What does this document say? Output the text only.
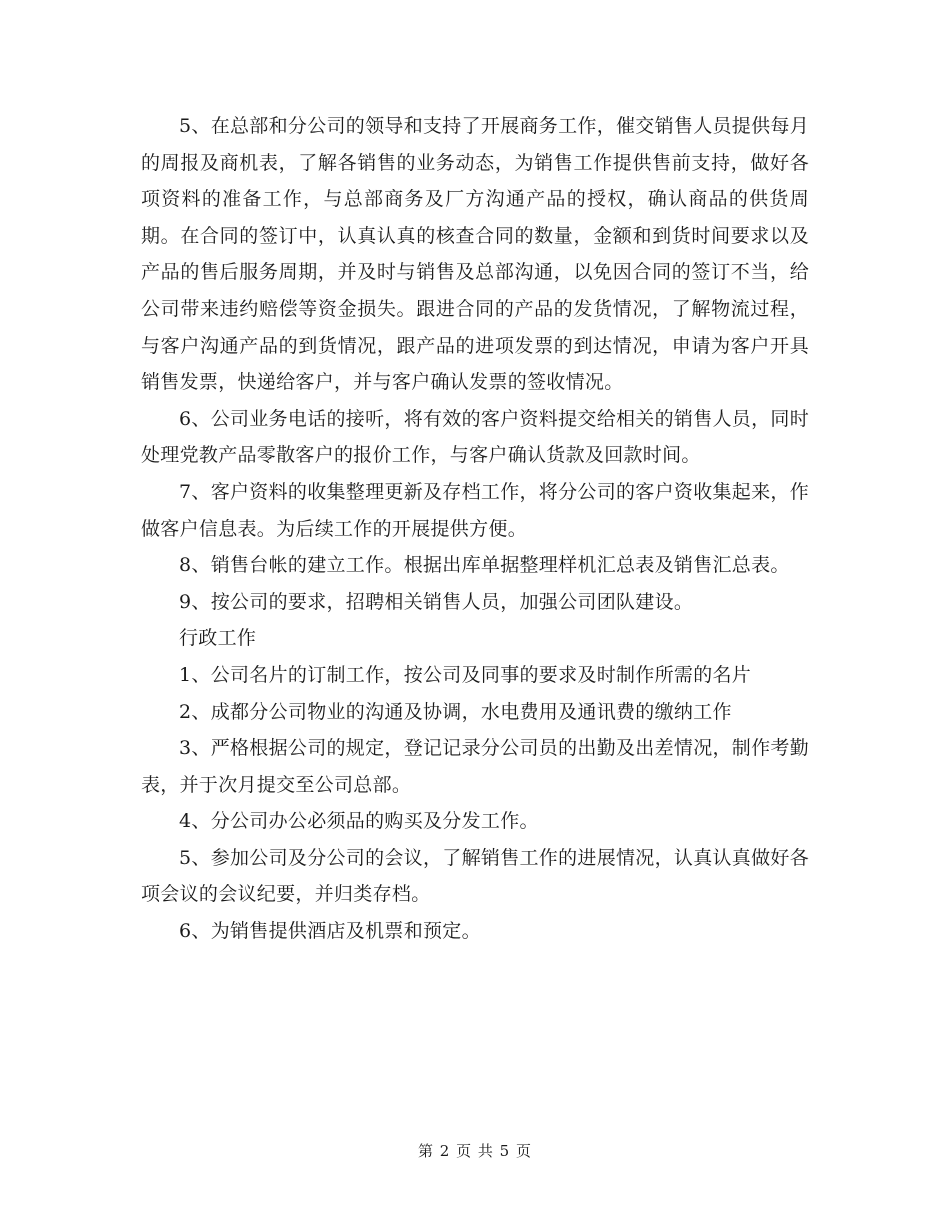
5、在总部和分公司的领导和支持了开展商务工作，催交销售人员提供每月的周报及商机表，了解各销售的业务动态，为销售工作提供售前支持，做好各项资料的准备工作，与总部商务及厂方沟通产品的授权，确认商品的供货周期。在合同的签订中，认真认真的核查合同的数量，金额和到货时间要求以及产品的售后服务周期，并及时与销售及总部沟通，以免因合同的签订不当，给公司带来违约赔偿等资金损失。跟进合同的产品的发货情况，了解物流过程，与客户沟通产品的到货情况，跟产品的进项发票的到达情况，申请为客户开具销售发票，快递给客户，并与客户确认发票的签收情况。

6、公司业务电话的接听，将有效的客户资料提交给相关的销售人员，同时处理党教产品零散客户的报价工作，与客户确认货款及回款时间。

7、客户资料的收集整理更新及存档工作，将分公司的客户资收集起来，作做客户信息表。为后续工作的开展提供方便。

8、销售台帐的建立工作。根据出库单据整理样机汇总表及销售汇总表。

9、按公司的要求，招聘相关销售人员，加强公司团队建设。

行政工作

1、公司名片的订制工作，按公司及同事的要求及时制作所需的名片

2、成都分公司物业的沟通及协调，水电费用及通讯费的缴纳工作

3、严格根据公司的规定，登记记录分公司员的出勤及出差情况，制作考勤表，并于次月提交至公司总部。

4、分公司办公必须品的购买及分发工作。

5、参加公司及分公司的会议，了解销售工作的进展情况，认真认真做好各项会议的会议纪要，并归类存档。

6、为销售提供酒店及机票和预定。

第 2 页 共 5 页
